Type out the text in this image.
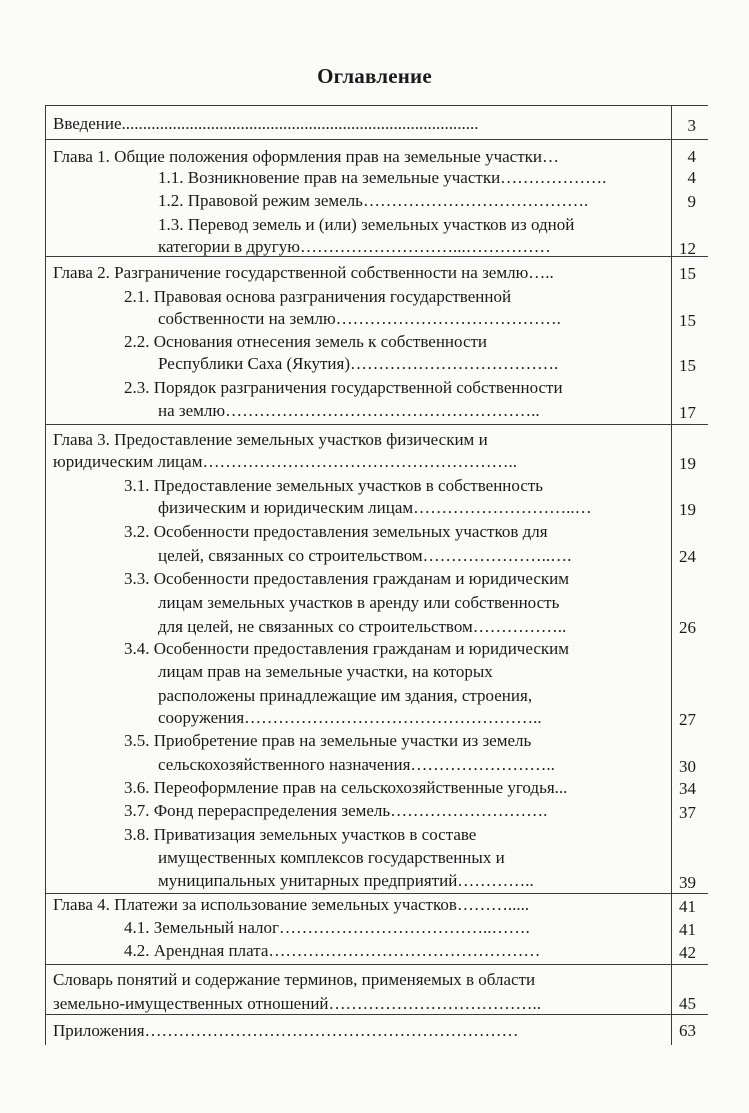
Оглавление
Введение....................................................................................	3
Глава 1. Общие положения оформления прав на земельные участки…	4
1.1. Возникновение прав на земельные участки……………….	4
1.2. Правовой режим земель………………………………….	9
1.3. Перевод земель и (или) земельных участков из одной
категории в другую………………………...……………	12
Глава 2. Разграничение государственной собственности на землю…..	15
2.1. Правовая основа разграничения государственной
собственности на землю………………………………….	15
2.2. Основания отнесения земель к собственности
Республики Саха (Якутия)……………………………….	15
2.3. Порядок разграничения государственной собственности
на землю………………………………………………..	17
Глава 3. Предоставление земельных участков физическим и
юридическим лицам………………………………………………..	19
3.1. Предоставление земельных участков в собственность
физическим и юридическим лицам………………………..…	19
3.2. Особенности предоставления земельных участков для
целей, связанных со строительством…………………..….	24
3.3. Особенности предоставления гражданам и юридическим
лицам земельных участков в аренду или собственность
для целей, не связанных со строительством……………..	26
3.4. Особенности предоставления гражданам и юридическим
лицам прав на земельные участки, на которых
расположены принадлежащие им здания, строения,
сооружения……………………………………………..	27
3.5. Приобретение прав на земельные участки из земель
сельскохозяйственного назначения……………………..	30
3.6. Переоформление прав на сельскохозяйственные угодья...	34
3.7. Фонд перераспределения земель……………………….	37
3.8. Приватизация земельных участков в составе
имущественных комплексов государственных и
муниципальных унитарных предприятий…………..	39
Глава 4. Платежи за использование земельных участков……….....	41
4.1. Земельный налог………………………………..…….	41
4.2. Арендная плата…………………………………………	42
Словарь понятий и содержание терминов, применяемых в области
земельно-имущественных отношений………………………………..	45
Приложения…………………………………………………………	63
